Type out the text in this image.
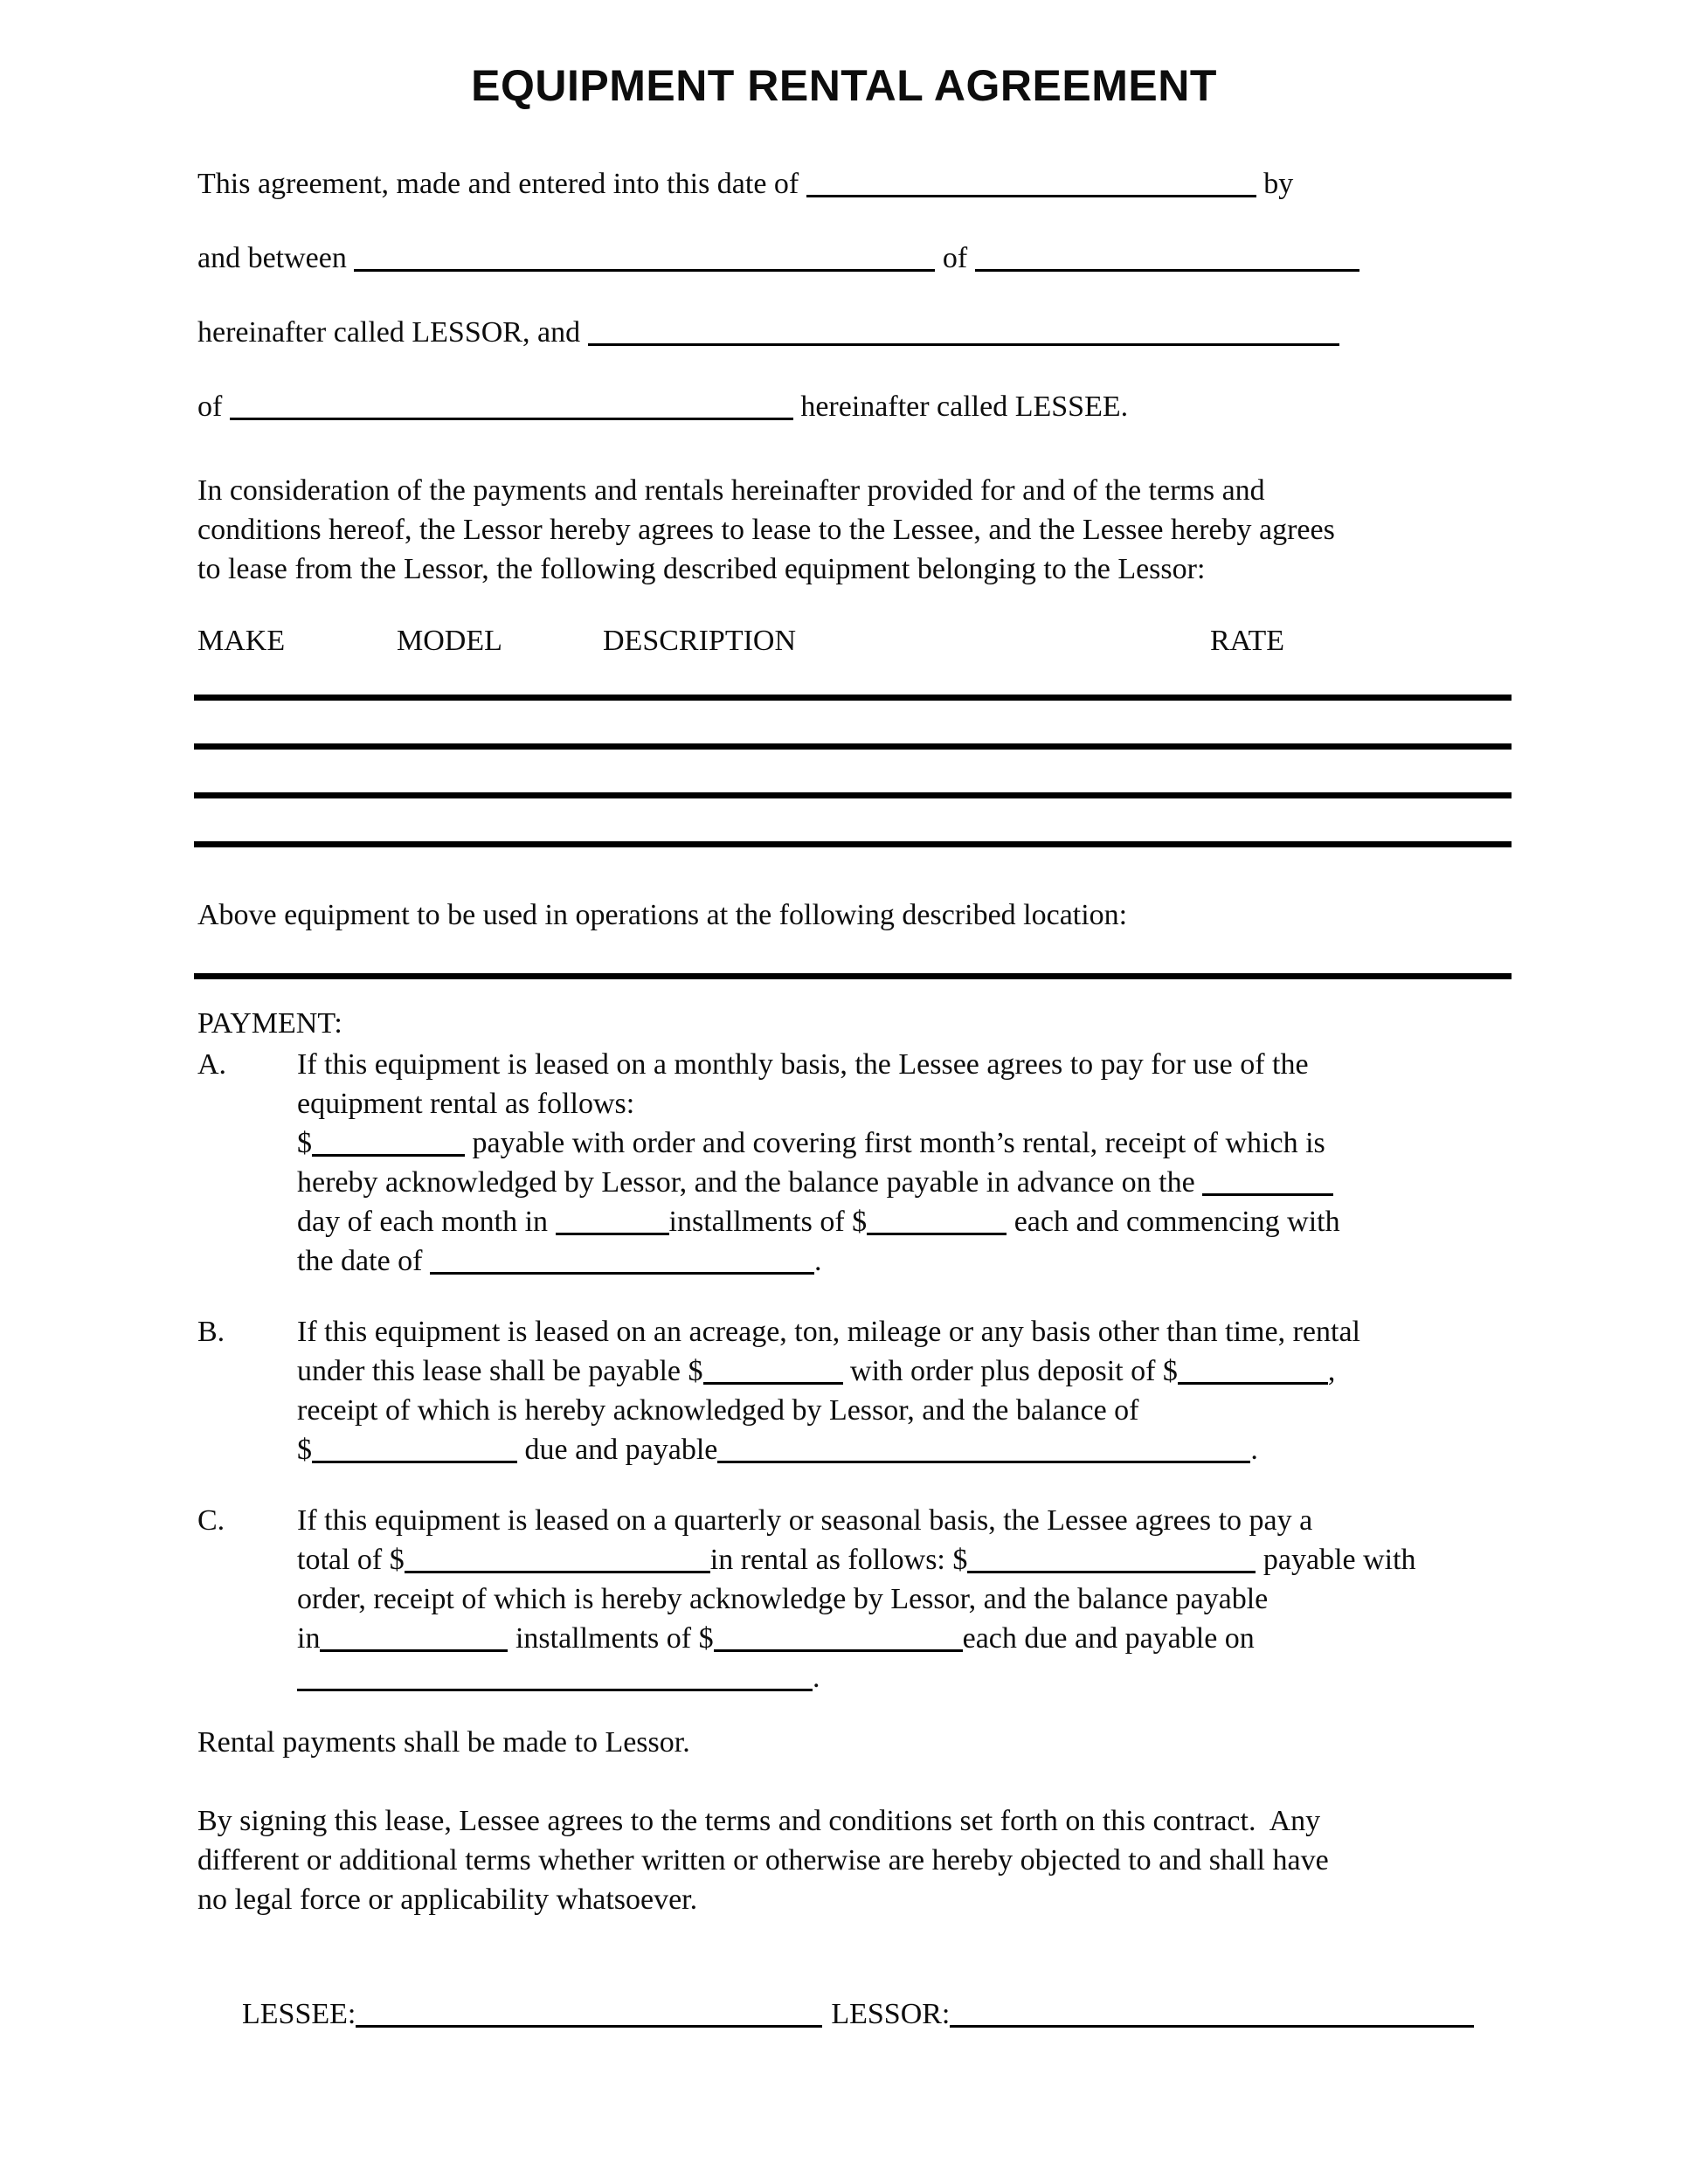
EQUIPMENT RENTAL AGREEMENT
This agreement, made and entered into this date of	by
and between	of
hereinafter called LESSOR, and
of	hereinafter called LESSEE.
In consideration of the payments and rentals hereinafter provided for and of the terms and
conditions hereof, the Lessor hereby agrees to lease to the Lessee, and the Lessee hereby agrees
to lease from the Lessor, the following described equipment belonging to the Lessor:
MAKE	MODEL	DESCRIPTION	RATE
Above equipment to be used in operations at the following described location:
PAYMENT:
A.	If this equipment is leased on a monthly basis, the Lessee agrees to pay for use of the
equipment rental as follows:
$	payable with order and covering first month’s rental, receipt of which is
hereby acknowledged by Lessor, and the balance payable in advance on the
day of each month in	installments of $	each and commencing with
the date of	.
B.	If this equipment is leased on an acreage, ton, mileage or any basis other than time, rental
under this lease shall be payable $	with order plus deposit of $	,
receipt of which is hereby acknowledged by Lessor, and the balance of
$	due and payable	.
C.	If this equipment is leased on a quarterly or seasonal basis, the Lessee agrees to pay a
total of $	in rental as follows: $	payable with
order, receipt of which is hereby acknowledge by Lessor, and the balance payable
in	installments of $	each due and payable on
.
Rental payments shall be made to Lessor.
By signing this lease, Lessee agrees to the terms and conditions set forth on this contract.  Any
different or additional terms whether written or otherwise are hereby objected to and shall have
no legal force or applicability whatsoever.

LESSEE:	LESSOR:
